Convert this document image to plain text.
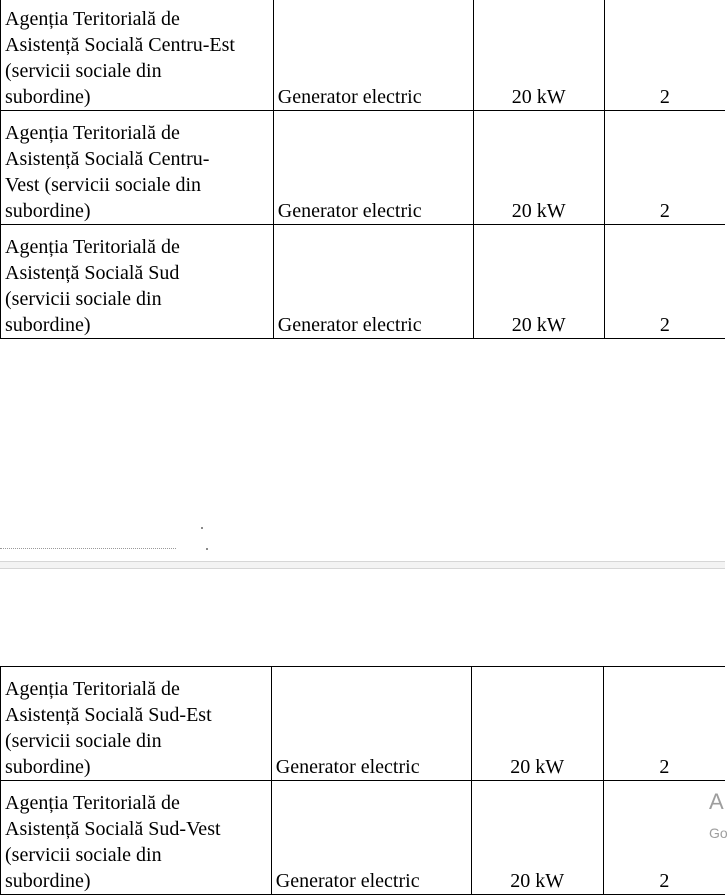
Agenția Teritorială de
Asistență Socială Centru-Est
(servicii sociale din
subordine)	Generator electric	20 kW	2

Agenția Teritorială de
Asistență Socială Centru-
Vest (servicii sociale din
subordine)	Generator electric	20 kW	2

Agenția Teritorială de
Asistență Socială Sud
(servicii sociale din
subordine)	Generator electric	20 kW	2
Agenția Teritorială de
Asistență Socială Sud-Est
(servicii sociale din
subordine)	Generator electric	20 kW	2

Agenția Teritorială de
Asistență Socială Sud-Vest
(servicii sociale din
subordine)	Generator electric	20 kW	2
A
Go
